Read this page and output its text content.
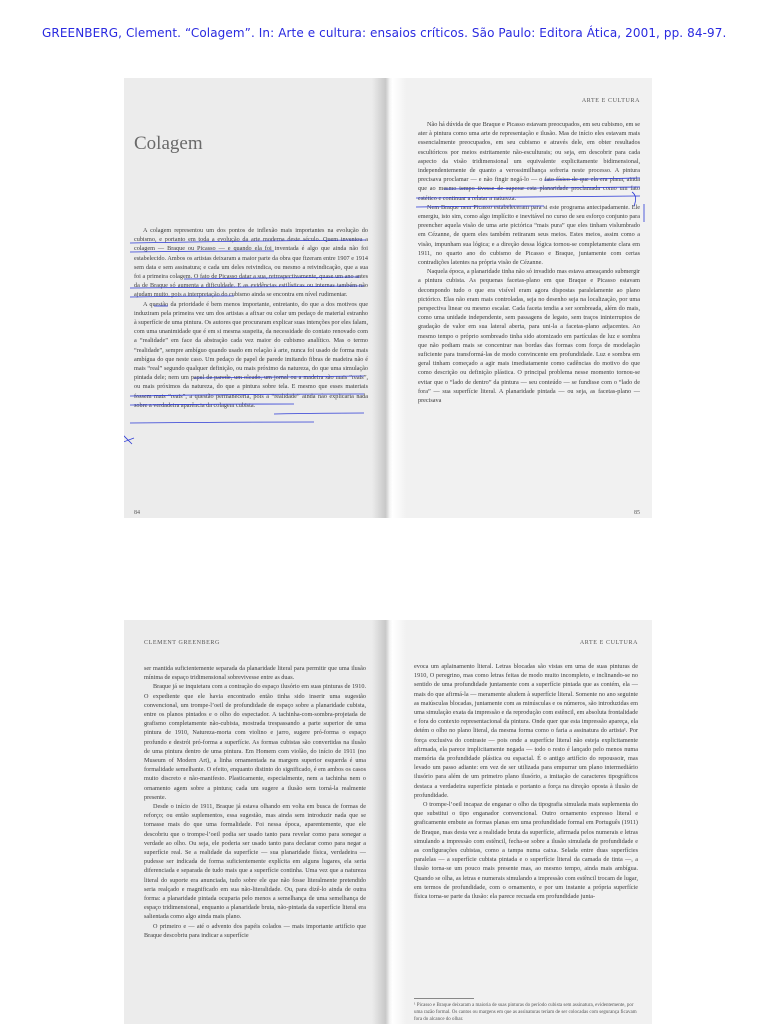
GREENBERG, Clement. “Colagem”. In: Arte e cultura: ensaios críticos. São Paulo: Editora Ática, 2001, pp. 84-97.
Colagem

A colagem representou um dos pontos de inflexão mais importantes na evolução do cubismo, e portanto em toda a evolução da arte moderna deste século. Quem inventou a colagem — Braque ou Picasso — e quando ela foi inventada é algo que ainda não foi estabelecido. Ambos os artistas deixaram a maior parte da obra que fizeram entre 1907 e 1914 sem data e sem assinatura; e cada um deles reivindica, ou mesmo a reivindicação, que a sua foi a primeira colagem. O fato de Picasso datar a sua, retrospectivamente, quase um ano antes da de Braque só aumenta a dificuldade. E as evidências estilísticas ou internas também não ajudam muito, pois a interpretação do cubismo ainda se encontra em nível rudimentar.

A questão da prioridade é bem menos importante, entretanto, do que a dos motivos que induziram pela primeira vez um dos artistas a afixar ou colar um pedaço de material estranho à superfície de uma pintura. Os autores que procuraram explicar suas intenções por eles falam, com uma unanimidade que é em si mesma suspeita, da necessidade do contato renovado com a “realidade” em face da abstração cada vez maior do cubismo analítico. Mas o termo “realidade”, sempre ambíguo quando usado em relação à arte, nunca foi usado de forma mais ambígua do que neste caso. Um pedaço de papel de parede imitando fibras de madeira não é mais “real” segundo qualquer definição, ou mais próximo da natureza, do que uma simulação pintada dele; nem um papel de parede, um oleado, um jornal ou a madeira são mais “reais”, ou mais próximos da natureza, do que a pintura sobre tela. E mesmo que esses materiais fossem mais “reais”, a questão permaneceria, pois a “realidade” ainda não explicaria nada sobre a verdadeira aparência da colagem cubista.

84
ARTE E CULTURA

Não há dúvida de que Braque e Picasso estavam preocupados, em seu cubismo, em se ater à pintura como uma arte de representação e ilusão. Mas de início eles estavam mais essencialmente preocupados, em seu cubismo e através dele, em obter resultados escultóricos por meios estritamente não-esculturais; ou seja, em descobrir para cada aspecto da visão tridimensional um equivalente explicitamente bidimensional, independentemente de quanto a verossimilhança sofreria neste processo. A pintura precisava proclamar — e não fingir negá-lo — o fato físico de que ela era plana, ainda que ao mesmo tempo tivesse de superar esta planaridade proclamada como um fato estético e continuar a relatar a natureza.

Nem Braque nem Picasso estabeleceram para si este programa antecipadamente. Ele emergiu, isto sim, como algo implícito e inevitável no curso de seu esforço conjunto para preencher aquela visão de uma arte pictórica “mais pura” que eles tinham vislumbrado em Cézanne, de quem eles também retiraram seus meios. Estes meios, assim como a visão, impunham sua lógica; e a direção dessa lógica tornou-se completamente clara em 1911, no quarto ano do cubismo de Picasso e Braque, juntamente com certas contradições latentes na própria visão de Cézanne.

Naquela época, a planaridade tinha não só invadido mas estava ameaçando submergir a pintura cubista. As pequenas facetas-plano em que Braque e Picasso estavam decompondo tudo o que era visível eram agora dispostas paralelamente ao plano pictórico. Elas não eram mais controladas, seja no desenho seja na localização, por uma perspectiva linear ou mesmo escalar. Cada faceta tendia a ser sombreada, além do mais, como uma unidade independente, sem passagens de legato, sem traços ininterruptos de gradação de valor em sua lateral aberta, para uni-la a facetas-plano adjacentes. Ao mesmo tempo o próprio sombreado tinha sido atomizado em partículas de luz e sombra que não podiam mais se concentrar nas bordas das formas com força de modelação suficiente para transformá-las de modo convincente em profundidade. Luz e sombra em geral tinham começado a agir mais imediatamente como cadências do motivo do que como descrição ou definição plástica. O principal problema nesse momento tornou-se evitar que o “lado de dentro” da pintura — seu conteúdo — se fundisse com o “lado de fora” — sua superfície literal. A planaridade pintada — ou seja, as facetas-plano — precisava

85
CLEMENT GREENBERG

ser mantida suficientemente separada da planaridade literal para permitir que uma ilusão mínima de espaço tridimensional sobrevivesse entre as duas.

Braque já se inquietara com a contração do espaço ilusório em suas pinturas de 1910. O expediente que ele havia encontrado então tinha sido inserir uma sugestão convencional, um trompe-l’oeil de profundidade de espaço sobre a planaridade cubista, entre os planos pintados e o olho do espectador. A tachinha-com-sombra-projetada de grafismo completamente não-cubista, mostrada trespassando a parte superior de uma pintura de 1910, Natureza-morta com violino e jarro, sugere pró-forma o espaço profundo e destrói pró-forma a superfície. As formas cubistas são convertidas na ilusão de uma pintura dentro de uma pintura. Em Homem com violão, do início de 1911 (no Museum of Modern Art), a linha ornamentada na margem superior esquerda é uma formalidade semelhante. O efeito, enquanto distinto do significado, é em ambos os casos muito discreto e não-manifesto. Plasticamente, especialmente, nem a tachinha nem o ornamento agem sobre a pintura; cada um sugere a ilusão sem torná-la realmente presente.

Desde o início de 1911, Braque já estava olhando em volta em busca de formas de reforço; ou então suplementos, essa sugestão, mas ainda sem introduzir nada que se tornasse mais do que uma formalidade. Foi nessa época, aparentemente, que ele descobriu que o trompe-l’oeil podia ser usado tanto para revelar como para sonegar a verdade ao olho. Ou seja, ele poderia ser usado tanto para declarar como para negar a superfície real. Se a realidade da superfície — sua planaridade física, verdadeira — pudesse ser indicada de forma suficientemente explícita em alguns lugares, ela seria diferenciada e separada de tudo mais que a superfície continha. Uma vez que a natureza literal do suporte era anunciada, tudo sobre ele que não fosse literalmente pretendido seria realçado e magnificado em sua não-literalidade. Ou, para dizê-lo ainda de outra forma: a planaridade pintada ocuparia pelo menos a semelhança de uma semelhança de espaço tridimensional, enquanto a planaridade bruta, não-pintada da superfície literal era salientada como algo ainda mais plano.

O primeiro e — até o advento dos papéis colados — mais importante artifício que Braque descobriu para indicar a superfície

ARTE E CULTURA

evoca um aplainamento literal. Letras blocadas são vistas em uma de suas pinturas de 1910, O peregrino, mas como letras feitas de modo muito incompleto, e inclinando-se no sentido de uma profundidade juntamente com a superfície pintada que as contém, ela — mais do que afirmá-la — meramente aludem à superfície literal. Somente no ano seguinte as maiúsculas blocadas, juntamente com as minúsculas e os números, são introduzidas em uma simulação exata da impressão e da reprodução com estêncil, em absoluta frontalidade e fora do contexto representacional da pintura. Onde quer que esta impressão apareça, ela detém o olho no plano literal, da mesma forma como o faria a assinatura do artista¹. Por força exclusiva do contraste — pois onde a superfície literal não esteja explicitamente afirmada, ela parece implicitamente negada — todo o resto é lançado pelo menos numa memória da profundidade plástica ou espacial. É o antigo artifício do repoussoir, mas levado um passo adiante: em vez de ser utilizada para empurrar um plano intermediário ilusório para além de um primeiro plano ilusório, a imitação de caracteres tipográficos destaca a verdadeira superfície pintada e portanto a força na direção oposta à ilusão de profundidade.

O trompe-l’oeil incapaz de enganar o olho da tipografia simulada mais suplementa do que substitui o tipo enganador convencional. Outro ornamento expresso literal e graficamente embute as formas planas em uma profundidade formal em Português (1911) de Braque, mas desta vez a realidade bruta da superfície, afirmada pelos numerais e letras simulando a impressão com estêncil, fecha-se sobre a ilusão simulada de profundidade e as configurações cubistas, como a tampa numa caixa. Selada entre duas superfícies paralelas — a superfície cubista pintada e o superfície literal da camada de tinta —, a ilusão torna-se um pouco mais presente mas, ao mesmo tempo, ainda mais ambígua. Quando se olha, as letras e numerais simulando a impressão com estêncil trocam de lugar, em termos de profundidade, com o ornamento, e por um instante a própria superfície física torna-se parte da ilusão: ela parece recuada em profundidade junta-

¹ Picasso e Braque deixaram a maioria de suas pinturas do período cubista sem assinatura, evidentemente, por uma razão formal. Os cantos ou margens em que as assinaturas teriam de ser colocadas com segurança ficavam fora do alcance do olhar.
